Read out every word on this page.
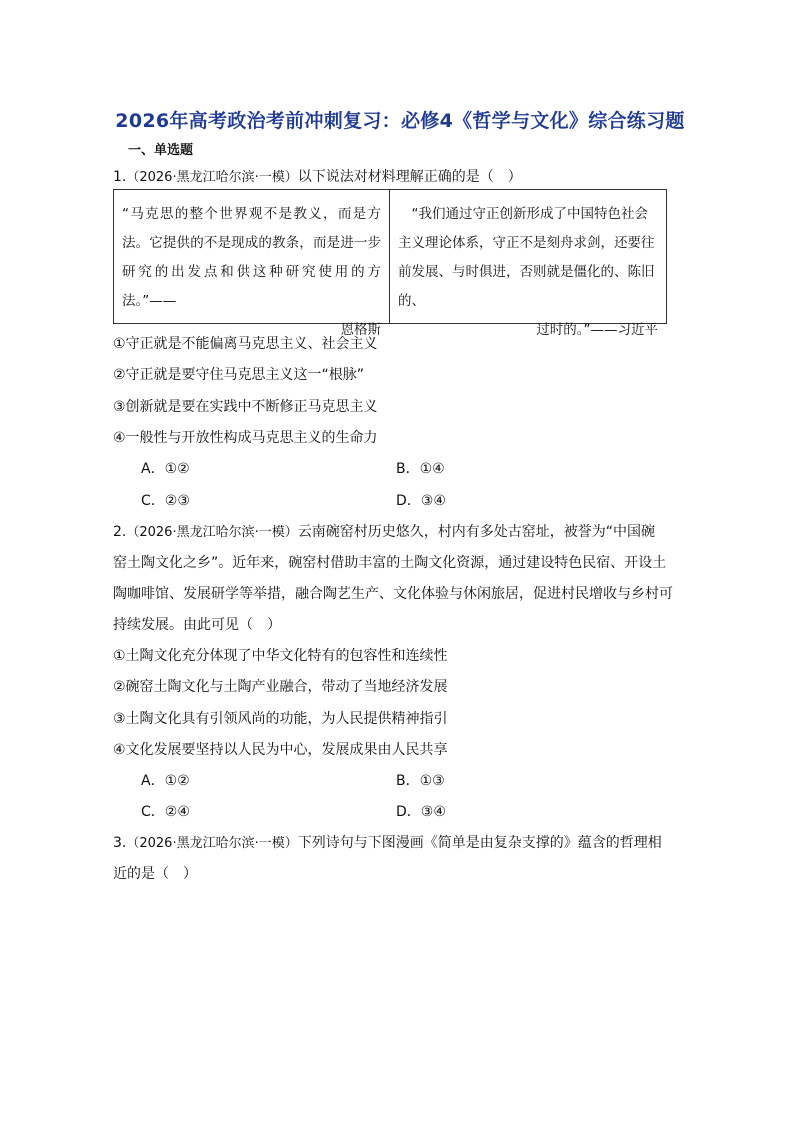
2026年高考政治考前冲刺复习：必修4《哲学与文化》综合练习题
一、单选题
1.（2026·黑龙江哈尔滨·一模）以下说法对材料理解正确的是（　）
“马克思的整个世界观不是教义，而是方法。它提供的不是现成的教条，而是进一步研究的出发点和供这种研究使用的方法。”——
恩格斯
“我们通过守正创新形成了中国特色社会主义理论体系，守正不是刻舟求剑，还要往前发展、与时俱进，否则就是僵化的、陈旧的、
过时的。”——习近平
①守正就是不能偏离马克思主义、社会主义
②守正就是要守住马克思主义这一“根脉”
③创新就是要在实践中不断修正马克思主义
④一般性与开放性构成马克思主义的生命力
A．①②	B．①④
C．②③	D．③④
2.（2026·黑龙江哈尔滨·一模）云南碗窑村历史悠久，村内有多处古窑址，被誉为“中国碗
窑土陶文化之乡”。近年来，碗窑村借助丰富的土陶文化资源，通过建设特色民宿、开设土
陶咖啡馆、发展研学等举措，融合陶艺生产、文化体验与休闲旅居，促进村民增收与乡村可
持续发展。由此可见（　）
①土陶文化充分体现了中华文化特有的包容性和连续性
②碗窑土陶文化与土陶产业融合，带动了当地经济发展
③土陶文化具有引领风尚的功能，为人民提供精神指引
④文化发展要坚持以人民为中心，发展成果由人民共享
A．①②	B．①③
C．②④	D．③④
3.（2026·黑龙江哈尔滨·一模）下列诗句与下图漫画《简单是由复杂支撑的》蕴含的哲理相
近的是（　）
